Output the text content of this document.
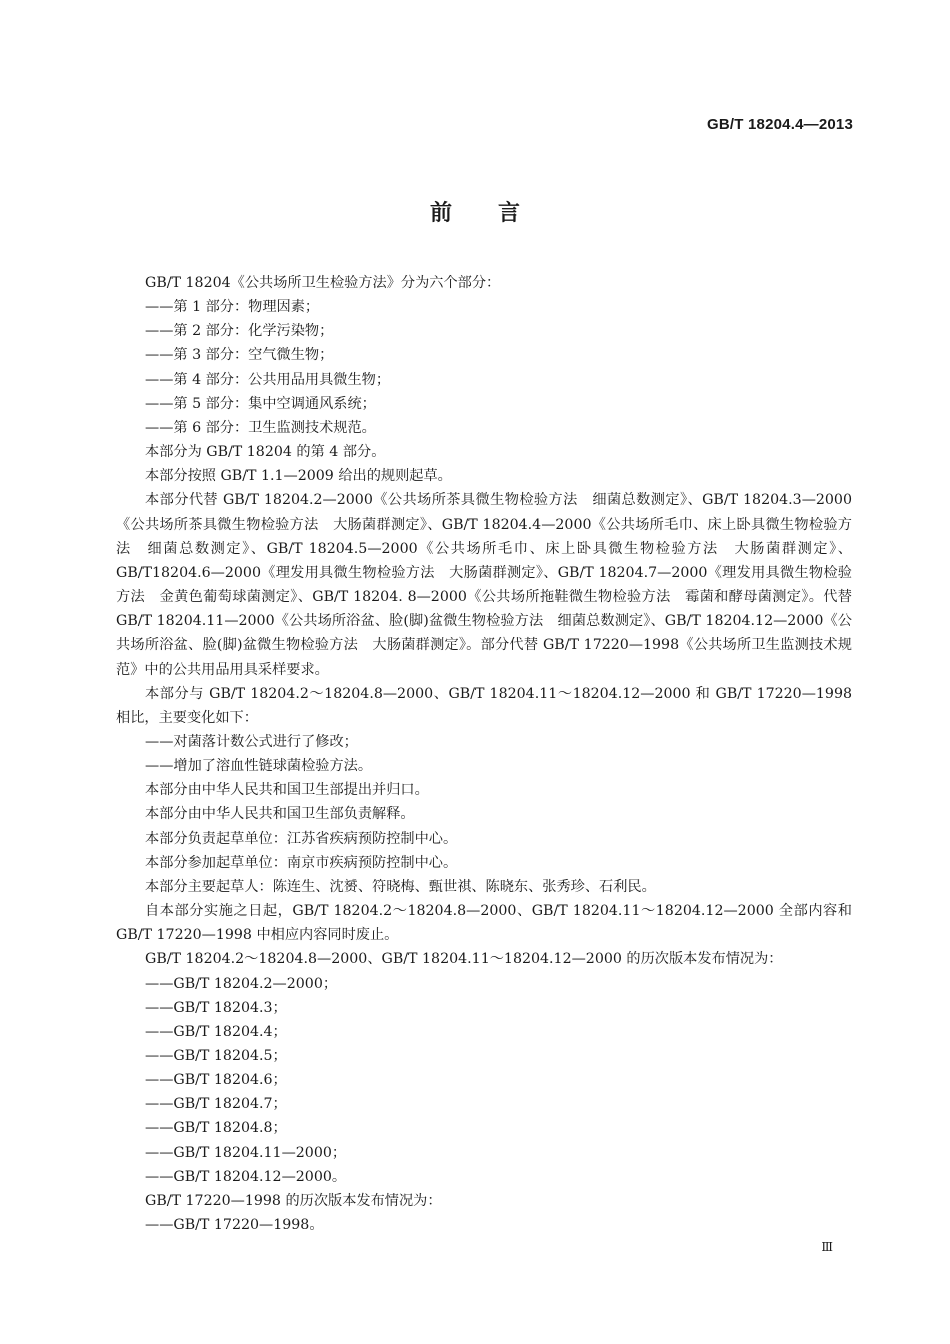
GB/T 18204.4—2013
前言

GB/T 18204《公共场所卫生检验方法》分为六个部分：

——第 1 部分：物理因素；

——第 2 部分：化学污染物；

——第 3 部分：空气微生物；

——第 4 部分：公共用品用具微生物；

——第 5 部分：集中空调通风系统；

——第 6 部分：卫生监测技术规范。

本部分为 GB/T 18204 的第 4 部分。

本部分按照 GB/T 1.1—2009 给出的规则起草。

本部分代替 GB/T 18204.2—2000《公共场所茶具微生物检验方法　细菌总数测定》、GB/T 18204.3—2000《公共场所茶具微生物检验方法　大肠菌群测定》、GB/T 18204.4—2000《公共场所毛巾、床上卧具微生物检验方法　细菌总数测定》、GB/T 18204.5—2000《公共场所毛巾、床上卧具微生物检验方法　大肠菌群测定》、GB/T18204.6—2000《理发用具微生物检验方法　大肠菌群测定》、GB/T 18204.7—2000《理发用具微生物检验方法　金黄色葡萄球菌测定》、GB/T 18204. 8—2000《公共场所拖鞋微生物检验方法　霉菌和酵母菌测定》。代替 GB/T 18204.11—2000《公共场所浴盆、脸(脚)盆微生物检验方法　细菌总数测定》、GB/T 18204.12—2000《公共场所浴盆、脸(脚)盆微生物检验方法　大肠菌群测定》。部分代替 GB/T 17220—1998《公共场所卫生监测技术规范》中的公共用品用具采样要求。

本部分与 GB/T 18204.2～18204.8—2000、GB/T 18204.11～18204.12—2000 和 GB/T 17220—1998 相比，主要变化如下：

——对菌落计数公式进行了修改；

——增加了溶血性链球菌检验方法。

本部分由中华人民共和国卫生部提出并归口。

本部分由中华人民共和国卫生部负责解释。

本部分负责起草单位：江苏省疾病预防控制中心。

本部分参加起草单位：南京市疾病预防控制中心。

本部分主要起草人：陈连生、沈赟、符晓梅、甄世祺、陈晓东、张秀珍、石利民。

自本部分实施之日起，GB/T 18204.2～18204.8—2000、GB/T 18204.11～18204.12—2000 全部内容和 GB/T 17220—1998 中相应内容同时废止。

GB/T 18204.2～18204.8—2000、GB/T 18204.11～18204.12—2000 的历次版本发布情况为：

——GB/T 18204.2—2000；

——GB/T 18204.3；

——GB/T 18204.4；

——GB/T 18204.5；

——GB/T 18204.6；

——GB/T 18204.7；

——GB/T 18204.8；

——GB/T 18204.11—2000；

——GB/T 18204.12—2000。

GB/T 17220—1998 的历次版本发布情况为：

——GB/T 17220—1998。

Ⅲ
